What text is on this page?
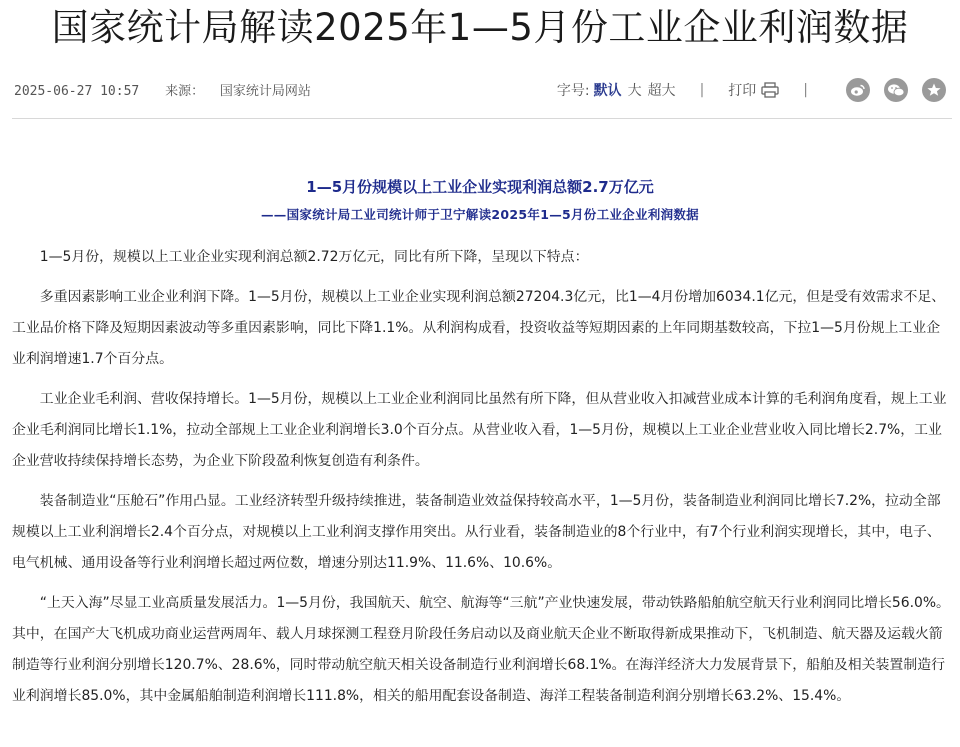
国家统计局解读2025年1—5月份工业企业利润数据
2025-06-27 10:57 来源： 国家统计局网站	字号: 默认 大 超大 | 打印	|
1—5月份规模以上工业企业实现利润总额2.7万亿元
——国家统计局工业司统计师于卫宁解读2025年1—5月份工业企业利润数据

1—5月份，规模以上工业企业实现利润总额2.72万亿元，同比有所下降，呈现以下特点：

多重因素影响工业企业利润下降。1—5月份，规模以上工业企业实现利润总额27204.3亿元，比1—4月份增加6034.1亿元，但是受有效需求不足、工业品价格下降及短期因素波动等多重因素影响，同比下降1.1%。从利润构成看，投资收益等短期因素的上年同期基数较高，下拉1—5月份规上工业企业利润增速1.7个百分点。

工业企业毛利润、营收保持增长。1—5月份，规模以上工业企业利润同比虽然有所下降，但从营业收入扣减营业成本计算的毛利润角度看，规上工业企业毛利润同比增长1.1%，拉动全部规上工业企业利润增长3.0个百分点。从营业收入看，1—5月份，规模以上工业企业营业收入同比增长2.7%，工业企业营收持续保持增长态势，为企业下阶段盈利恢复创造有利条件。

装备制造业“压舱石”作用凸显。工业经济转型升级持续推进，装备制造业效益保持较高水平，1—5月份，装备制造业利润同比增长7.2%，拉动全部规模以上工业利润增长2.4个百分点，对规模以上工业利润支撑作用突出。从行业看，装备制造业的8个行业中，有7个行业利润实现增长，其中，电子、电气机械、通用设备等行业利润增长超过两位数，增速分别达11.9%、11.6%、10.6%。

“上天入海”尽显工业高质量发展活力。1—5月份，我国航天、航空、航海等“三航”产业快速发展，带动铁路船舶航空航天行业利润同比增长56.0%。其中，在国产大飞机成功商业运营两周年、载人月球探测工程登月阶段任务启动以及商业航天企业不断取得新成果推动下，飞机制造、航天器及运载火箭制造等行业利润分别增长120.7%、28.6%，同时带动航空航天相关设备制造行业利润增长68.1%。在海洋经济大力发展背景下，船舶及相关装置制造行业利润增长85.0%，其中金属船舶制造利润增长111.8%，相关的船用配套设备制造、海洋工程装备制造利润分别增长63.2%、15.4%。
